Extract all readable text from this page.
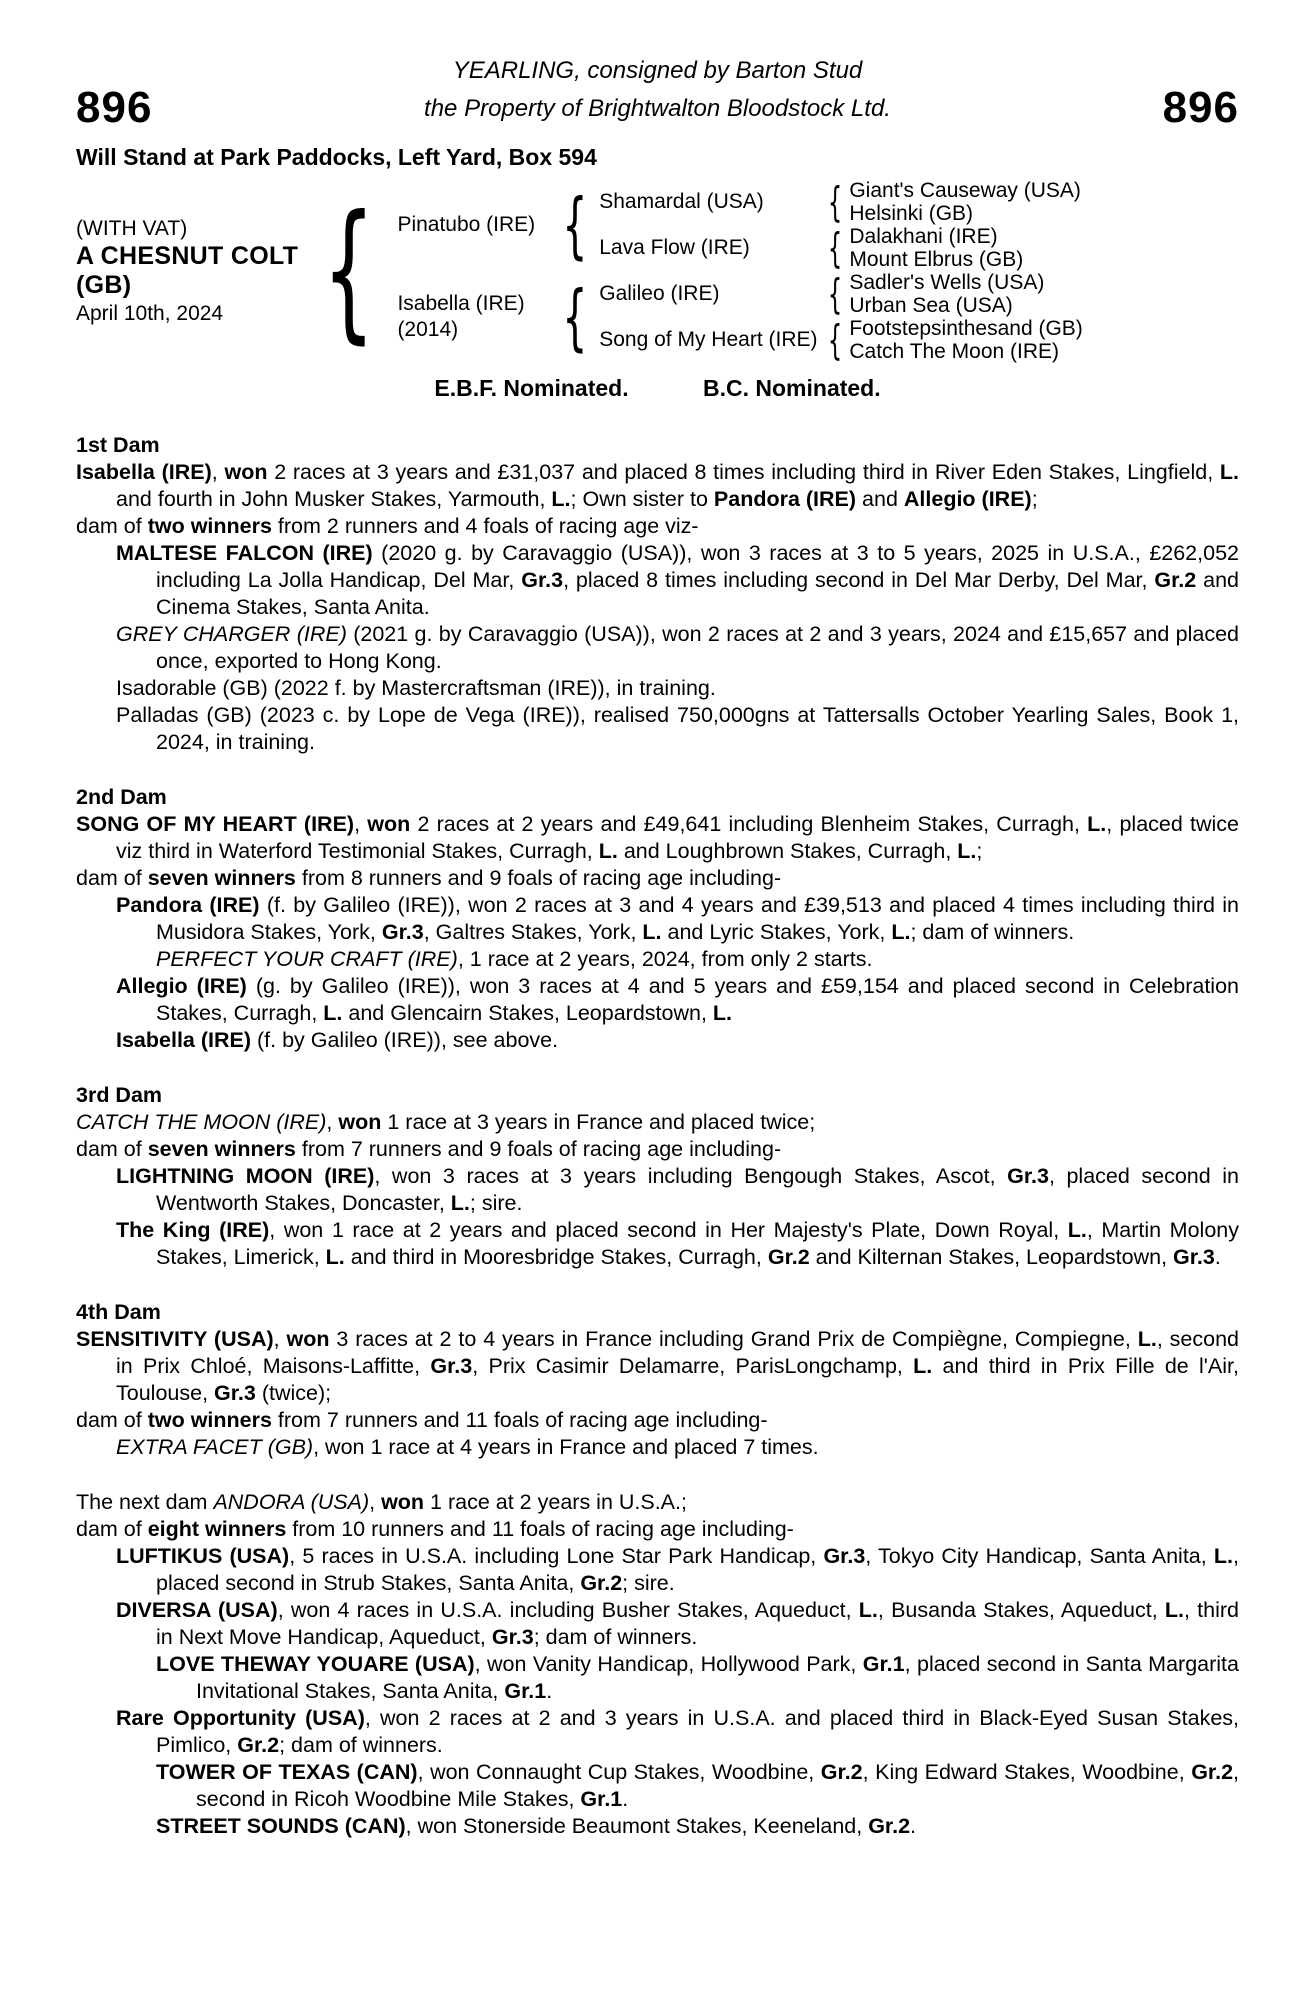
896
YEARLING, consigned by Barton Stud
the Property of Brightwalton Bloodstock Ltd.	896
Will Stand at Park Paddocks, Left Yard, Box 594
(WITH VAT)
A CHESNUT COLT
(GB)
April 10th, 2024
{
Pinatubo (IRE)
{
Shamardal (USA) {	Giant's Causeway (USA)
Helsinki (GB)
Lava Flow (IRE) {	Dalakhani (IRE)
Mount Elbrus (GB)
Isabella (IRE)
(2014)
{
Galileo (IRE) {	Sadler's Wells (USA)
Urban Sea (USA)
Song of My Heart (IRE) { Footstepsinthesand (GB)
Catch The Moon (IRE)
E.B.F. Nominated.	B.C. Nominated.
1st Dam

Isabella (IRE), won 2 races at 3 years and £31,037 and placed 8 times including third in River Eden Stakes, Lingfield, L. and fourth in John Musker Stakes, Yarmouth, L.; Own sister to Pandora (IRE) and Allegio (IRE);

dam of two winners from 2 runners and 4 foals of racing age viz-

MALTESE FALCON (IRE) (2020 g. by Caravaggio (USA)), won 3 races at 3 to 5 years, 2025 in U.S.A., £262,052 including La Jolla Handicap, Del Mar, Gr.3, placed 8 times including second in Del Mar Derby, Del Mar, Gr.2 and Cinema Stakes, Santa Anita.

GREY CHARGER (IRE) (2021 g. by Caravaggio (USA)), won 2 races at 2 and 3 years, 2024 and £15,657 and placed once, exported to Hong Kong.

Isadorable (GB) (2022 f. by Mastercraftsman (IRE)), in training.

Palladas (GB) (2023 c. by Lope de Vega (IRE)), realised 750,000gns at Tattersalls October Yearling Sales, Book 1, 2024, in training.

2nd Dam

SONG OF MY HEART (IRE), won 2 races at 2 years and £49,641 including Blenheim Stakes, Curragh, L., placed twice viz third in Waterford Testimonial Stakes, Curragh, L. and Loughbrown Stakes, Curragh, L.;

dam of seven winners from 8 runners and 9 foals of racing age including-

Pandora (IRE) (f. by Galileo (IRE)), won 2 races at 3 and 4 years and £39,513 and placed 4 times including third in Musidora Stakes, York, Gr.3, Galtres Stakes, York, L. and Lyric Stakes, York, L.; dam of winners.

PERFECT YOUR CRAFT (IRE), 1 race at 2 years, 2024, from only 2 starts.

Allegio (IRE) (g. by Galileo (IRE)), won 3 races at 4 and 5 years and £59,154 and placed second in Celebration Stakes, Curragh, L. and Glencairn Stakes, Leopardstown, L.

Isabella (IRE) (f. by Galileo (IRE)), see above.

3rd Dam

CATCH THE MOON (IRE), won 1 race at 3 years in France and placed twice;

dam of seven winners from 7 runners and 9 foals of racing age including-

LIGHTNING MOON (IRE), won 3 races at 3 years including Bengough Stakes, Ascot, Gr.3, placed second in Wentworth Stakes, Doncaster, L.; sire.

The King (IRE), won 1 race at 2 years and placed second in Her Majesty's Plate, Down Royal, L., Martin Molony Stakes, Limerick, L. and third in Mooresbridge Stakes, Curragh, Gr.2 and Kilternan Stakes, Leopardstown, Gr.3.

4th Dam

SENSITIVITY (USA), won 3 races at 2 to 4 years in France including Grand Prix de Compiègne, Compiegne, L., second in Prix Chloé, Maisons-Laffitte, Gr.3, Prix Casimir Delamarre, ParisLongchamp, L. and third in Prix Fille de l'Air, Toulouse, Gr.3 (twice);

dam of two winners from 7 runners and 11 foals of racing age including-

EXTRA FACET (GB), won 1 race at 4 years in France and placed 7 times.

The next dam ANDORA (USA), won 1 race at 2 years in U.S.A.;

dam of eight winners from 10 runners and 11 foals of racing age including-

LUFTIKUS (USA), 5 races in U.S.A. including Lone Star Park Handicap, Gr.3, Tokyo City Handicap, Santa Anita, L., placed second in Strub Stakes, Santa Anita, Gr.2; sire.

DIVERSA (USA), won 4 races in U.S.A. including Busher Stakes, Aqueduct, L., Busanda Stakes, Aqueduct, L., third in Next Move Handicap, Aqueduct, Gr.3; dam of winners.

LOVE THEWAY YOUARE (USA), won Vanity Handicap, Hollywood Park, Gr.1, placed second in Santa Margarita Invitational Stakes, Santa Anita, Gr.1.

Rare Opportunity (USA), won 2 races at 2 and 3 years in U.S.A. and placed third in Black-Eyed Susan Stakes, Pimlico, Gr.2; dam of winners.

TOWER OF TEXAS (CAN), won Connaught Cup Stakes, Woodbine, Gr.2, King Edward Stakes, Woodbine, Gr.2, second in Ricoh Woodbine Mile Stakes, Gr.1.

STREET SOUNDS (CAN), won Stonerside Beaumont Stakes, Keeneland, Gr.2.
